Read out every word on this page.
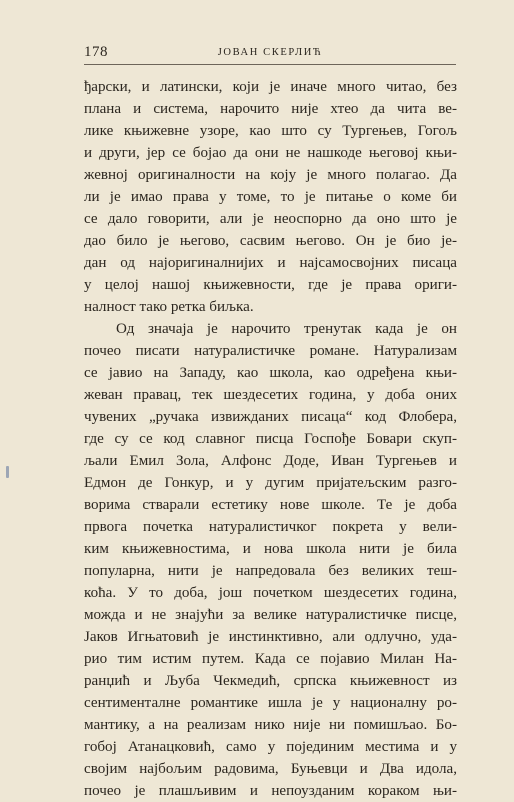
178	ЈОВАН СКЕРЛИЋ
ђарски, и латински, који је иначе много читао, без
плана и система, нарочито није хтео да чита ве-
лике књижевне узоре, као што су Тургењев, Гогољ
и други, јер се бојао да они не нашкоде његовој књи-
жевној оригиналности на коју је много полагао. Да
ли је имао права у томе, то је питање о коме би
се дало говорити, али је неоспорно да оно што је
дао било је његово, сасвим његово. Он је био је-
дан од најоригиналнијих и најсамосвојних писаца
у целој нашој књижевности, где је права ориги-
налност тако ретка биљка.
Од значаја је нарочито тренутак када је он
почео писати натуралистичке романе. Натурализам
се јавио на Западу, као школа, као одређена књи-
жеван правац, тек шездесетих година, у доба оних
чувених „ручака извижданих писаца“ код Флобера,
где су се код славног писца Госпође Бовари скуп-
љали Емил Зола, Алфонс Доде, Иван Тургењев и
Едмон де Гонкур, и у дугим пријатељским разго-
ворима стварали естетику нове школе. Те је доба
првога почетка натуралистичког покрета у вели-
ким књижевностима, и нова школа нити је била
популарна, нити је напредовала без великих теш-
коћа. У то доба, још почетком шездесетих година,
можда и не знајући за велике натуралистичке писце,
Јаков Игњатовић је инстинктивно, али одлучно, уда-
рио тим истим путем. Када се појавио Милан На-
ранџић и Љуба Чекмедић, српска књижевност из
сентименталне романтике ишла је у националну ро-
мантику, а на реализам нико није ни помишљао. Бо-
гобој Атанацковић, само у појединим местима и у
својим најбољим радовима, Буњевци и Два идола,
почео је плашљивим и непоузданим кораком њи-
